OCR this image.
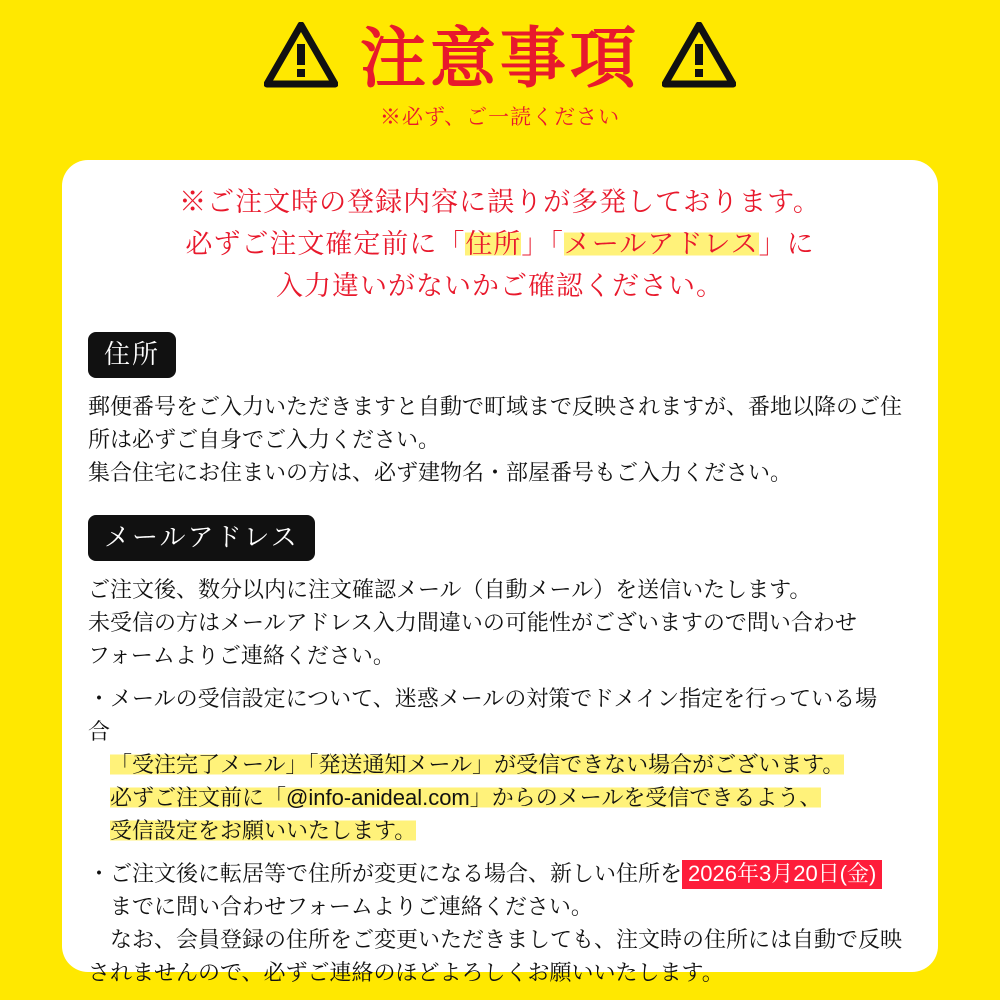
注意事項
※必ず、ご一読ください
※ご注文時の登録内容に誤りが多発しております。
必ずご注文確定前に「住所」「メールアドレス」に
入力違いがないかご確認ください。
住所

郵便番号をご入力いただきますと自動で町域まで反映されますが、番地以降のご住

所は必ずご自身でご入力ください。

集合住宅にお住まいの方は、必ず建物名・部屋番号もご入力ください。

メールアドレス

ご注文後、数分以内に注文確認メール（自動メール）を送信いたします。

未受信の方はメールアドレス入力間違いの可能性がございますので問い合わせ

フォームよりご連絡ください。

・メールの受信設定について、迷惑メールの対策でドメイン指定を行っている場
合
「受注完了メール」「発送通知メール」が受信できない場合がございます。
必ずご注文前に「@info-anideal.com」からのメールを受信できるよう、
受信設定をお願いいたします。
・ご注文後に転居等で住所が変更になる場合、新しい住所を 2026年3月20日(金)
までに問い合わせフォームよりご連絡ください。
なお、会員登録の住所をご変更いただきましても、注文時の住所には自動で反映
されませんので、必ずご連絡のほどよろしくお願いいたします。
